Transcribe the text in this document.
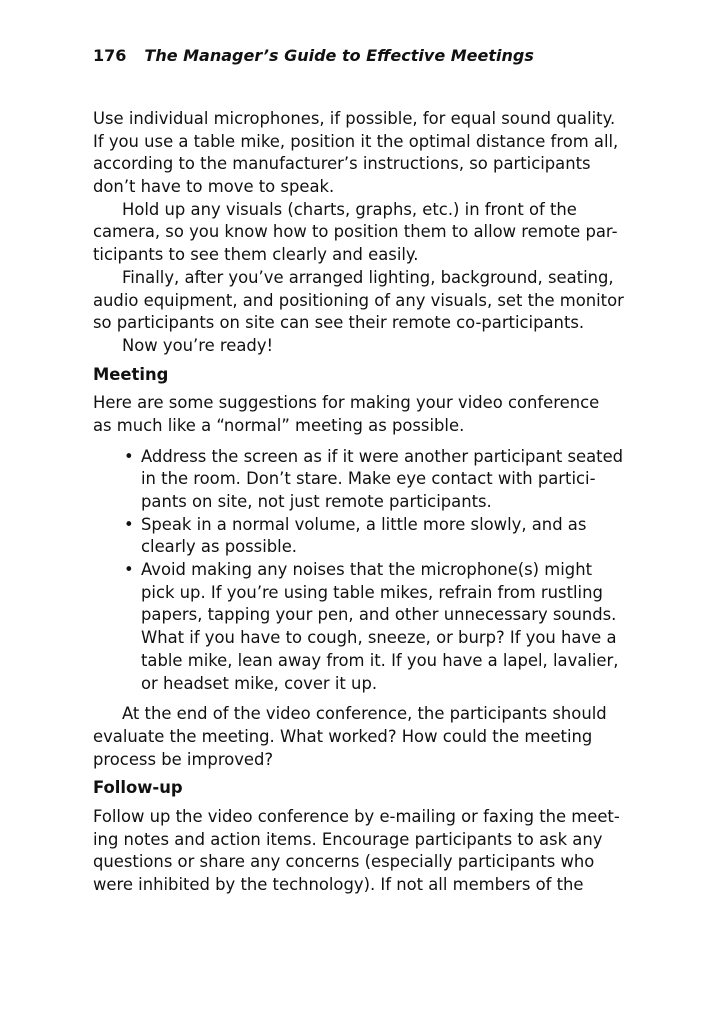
176 The Manager’s Guide to Effective Meetings
Use individual microphones, if possible, for equal sound quality.
If you use a table mike, position it the optimal distance from all,
according to the manufacturer’s instructions, so participants
don’t have to move to speak.
Hold up any visuals (charts, graphs, etc.) in front of the
camera, so you know how to position them to allow remote par-
ticipants to see them clearly and easily.
Finally, after you’ve arranged lighting, background, seating,
audio equipment, and positioning of any visuals, set the monitor
so participants on site can see their remote co-participants.
Now you’re ready!
Meeting
Here are some suggestions for making your video conference
as much like a “normal” meeting as possible.
• Address the screen as if it were another participant seated
in the room. Don’t stare. Make eye contact with partici-
pants on site, not just remote participants.
• Speak in a normal volume, a little more slowly, and as
clearly as possible.
• Avoid making any noises that the microphone(s) might
pick up. If you’re using table mikes, refrain from rustling
papers, tapping your pen, and other unnecessary sounds.
What if you have to cough, sneeze, or burp? If you have a
table mike, lean away from it. If you have a lapel, lavalier,
or headset mike, cover it up.
At the end of the video conference, the participants should
evaluate the meeting. What worked? How could the meeting
process be improved?
Follow-up
Follow up the video conference by e-mailing or faxing the meet-
ing notes and action items. Encourage participants to ask any
questions or share any concerns (especially participants who
were inhibited by the technology). If not all members of the
